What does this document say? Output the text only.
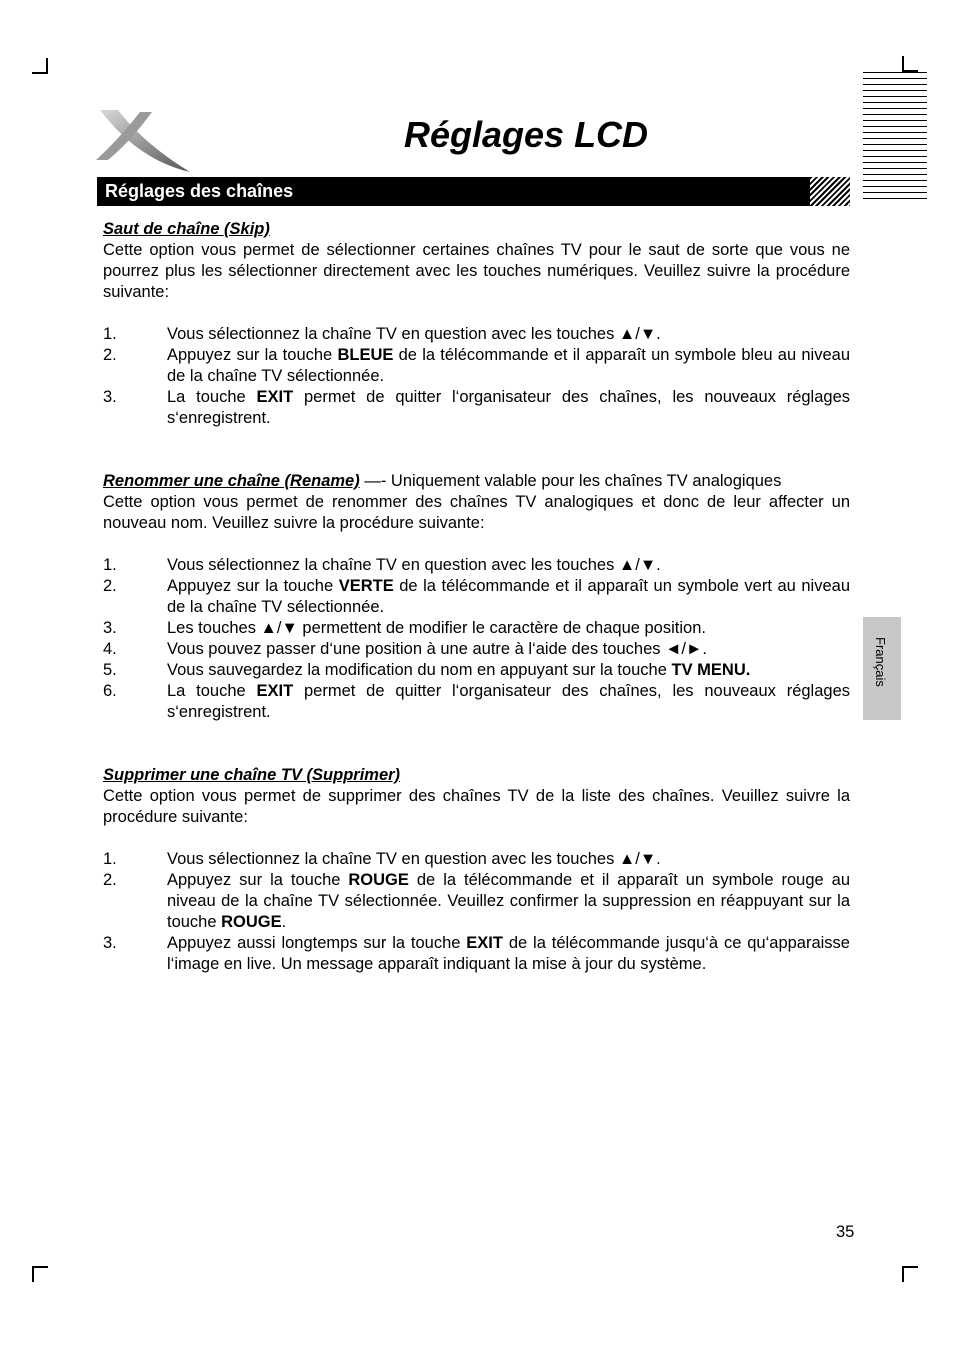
Réglages LCD
Réglages des chaînes
Français
Saut de chaîne (Skip)

Cette option vous permet de sélectionner certaines chaînes TV pour le saut de sorte que vous ne pourrez plus les sélectionner directement avec les touches numériques. Veuillez suivre la procédure suivante:

1.	Vous sélectionnez la chaîne TV en question avec les touches ▲/▼.
2.	Appuyez sur la touche BLEUE de la télécommande et il apparaît un symbole bleu au niveau de la chaîne TV sélectionnée.
3.	La touche EXIT permet de quitter l‘organisateur des chaînes, les nouveaux réglages s‘enregistrent.

Renommer une chaîne (Rename) —- Uniquement valable pour les chaînes TV analogiques

Cette option vous permet de renommer des chaînes TV analogiques et donc de leur affecter un nouveau nom. Veuillez suivre la procédure suivante:

1.	Vous sélectionnez la chaîne TV en question avec les touches ▲/▼.
2.	Appuyez sur la touche VERTE de la télécommande et il apparaît un symbole vert au niveau de la chaîne TV sélectionnée.
3.	Les touches ▲/▼ permettent de modifier le caractère de chaque position.
4.	Vous pouvez passer d‘une position à une autre à l‘aide des touches ◄/►.
5.	Vous sauvegardez la modification du nom en appuyant sur la touche TV MENU.
6.	La touche EXIT permet de quitter l‘organisateur des chaînes, les nouveaux réglages s‘enregistrent.
Supprimer une chaîne TV (Supprimer)

Cette option vous permet de supprimer des chaînes TV de la liste des chaînes. Veuillez suivre la procédure suivante:

1.	Vous sélectionnez la chaîne TV en question avec les touches ▲/▼.
2.	Appuyez sur la touche ROUGE de la télécommande et il apparaît un symbole rouge au niveau de la chaîne TV sélectionnée. Veuillez confirmer la suppression en réappuyant sur la touche ROUGE.
3.	Appuyez aussi longtemps sur la touche EXIT de la télécommande jusqu‘à ce qu‘apparaisse l‘image en live. Un message apparaît indiquant la mise à jour du système.
35
